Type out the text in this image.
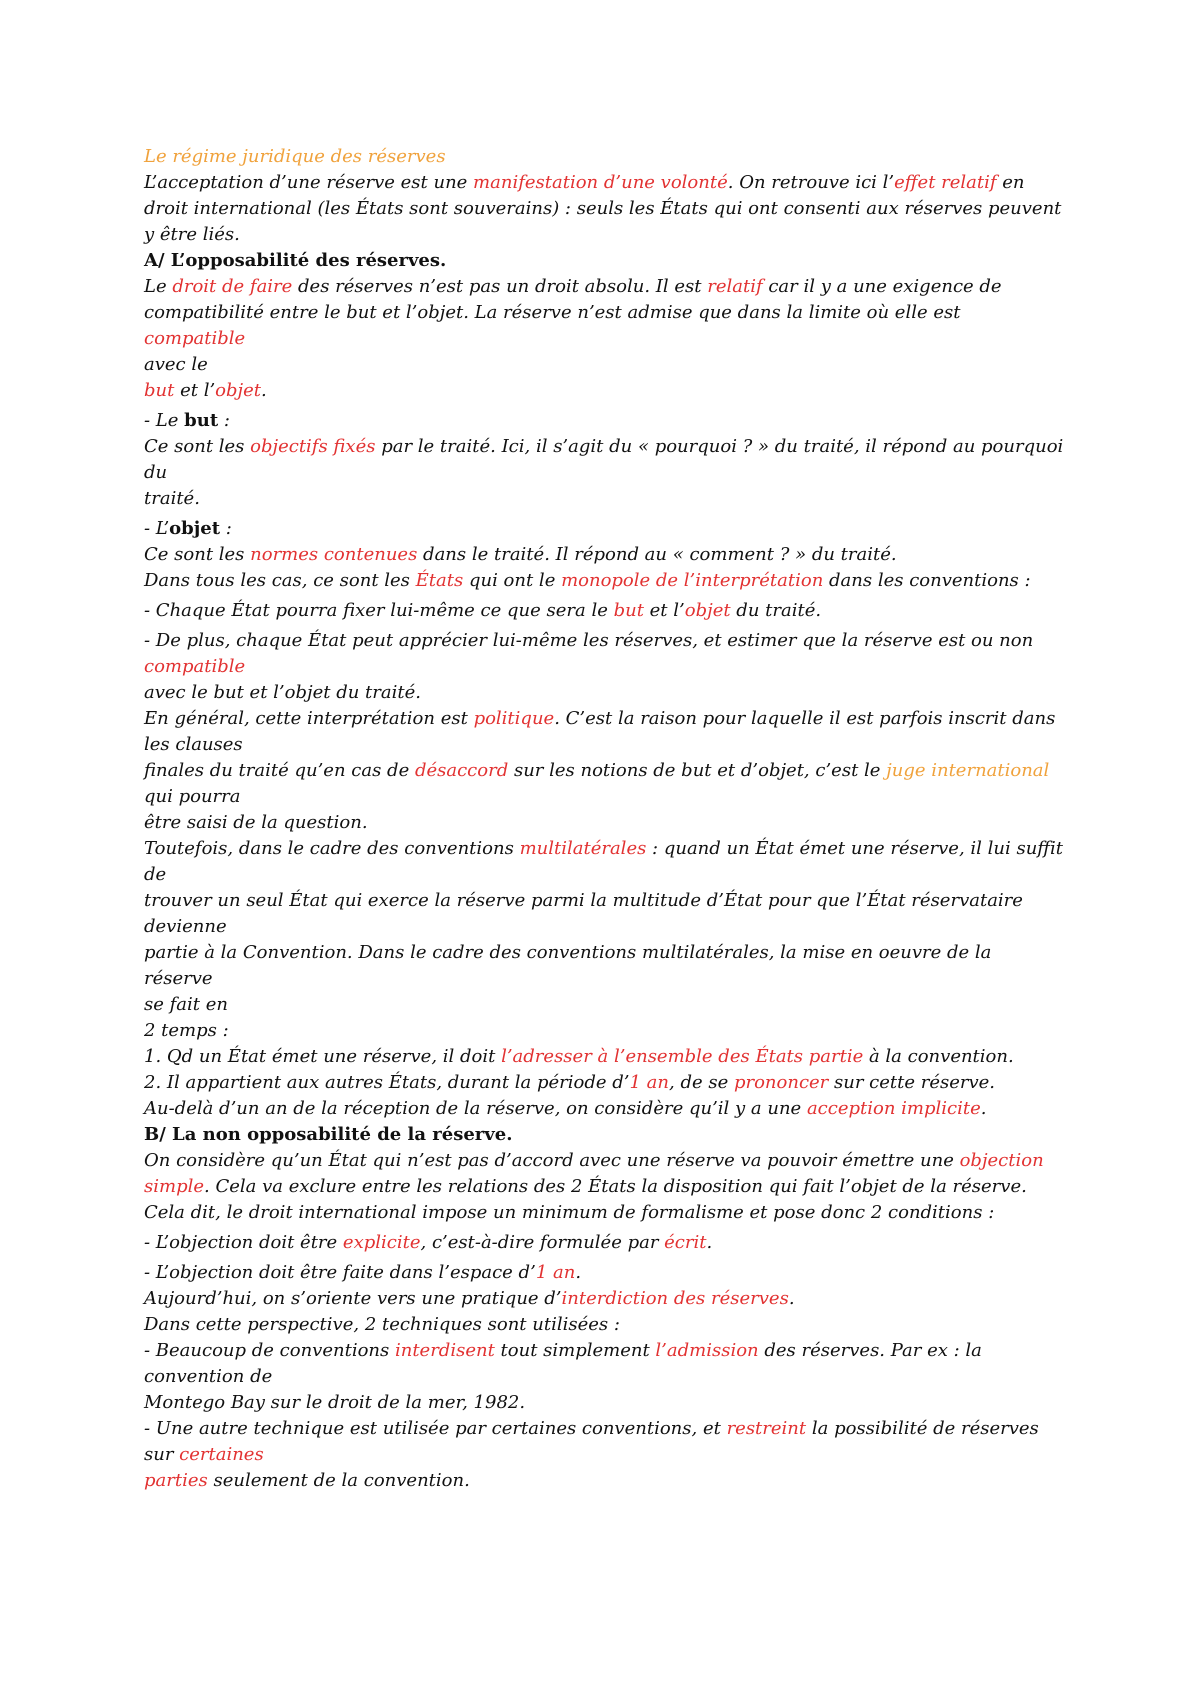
Le régime juridique des réserves
L’acceptation d’une réserve est une manifestation d’une volonté. On retrouve ici l’effet relatif en
droit international (les États sont souverains) : seuls les États qui ont consenti aux réserves peuvent
y être liés.
A/ L’opposabilité des réserves.
Le droit de faire des réserves n’est pas un droit absolu. Il est relatif car il y a une exigence de
compatibilité entre le but et l’objet. La réserve n’est admise que dans la limite où elle est compatible
avec le
but et l’objet.
- Le but :
Ce sont les objectifs fixés par le traité. Ici, il s’agit du « pourquoi ? » du traité, il répond au pourquoi
du
traité.
- L’objet :
Ce sont les normes contenues dans le traité. Il répond au « comment ? » du traité.
Dans tous les cas, ce sont les États qui ont le monopole de l’interprétation dans les conventions :
- Chaque État pourra fixer lui-même ce que sera le but et l’objet du traité.
- De plus, chaque État peut apprécier lui-même les réserves, et estimer que la réserve est ou non
compatible
avec le but et l’objet du traité.
En général, cette interprétation est politique. C’est la raison pour laquelle il est parfois inscrit dans
les clauses
finales du traité qu’en cas de désaccord sur les notions de but et d’objet, c’est le juge international
qui pourra
être saisi de la question.
Toutefois, dans le cadre des conventions multilatérales : quand un État émet une réserve, il lui suffit
de
trouver un seul État qui exerce la réserve parmi la multitude d’État pour que l’État réservataire
devienne
partie à la Convention. Dans le cadre des conventions multilatérales, la mise en oeuvre de la réserve
se fait en
2 temps :
1. Qd un État émet une réserve, il doit l’adresser à l’ensemble des États partie à la convention.
2. Il appartient aux autres États, durant la période d’1 an, de se prononcer sur cette réserve.
Au-delà d’un an de la réception de la réserve, on considère qu’il y a une acception implicite.
B/ La non opposabilité de la réserve.
On considère qu’un État qui n’est pas d’accord avec une réserve va pouvoir émettre une objection
simple. Cela va exclure entre les relations des 2 États la disposition qui fait l’objet de la réserve.
Cela dit, le droit international impose un minimum de formalisme et pose donc 2 conditions :
- L’objection doit être explicite, c’est-à-dire formulée par écrit.
- L’objection doit être faite dans l’espace d’1 an.
Aujourd’hui, on s’oriente vers une pratique d’interdiction des réserves.
Dans cette perspective, 2 techniques sont utilisées :
- Beaucoup de conventions interdisent tout simplement l’admission des réserves. Par ex : la
convention de
Montego Bay sur le droit de la mer, 1982.
- Une autre technique est utilisée par certaines conventions, et restreint la possibilité de réserves
sur certaines
parties seulement de la convention.
